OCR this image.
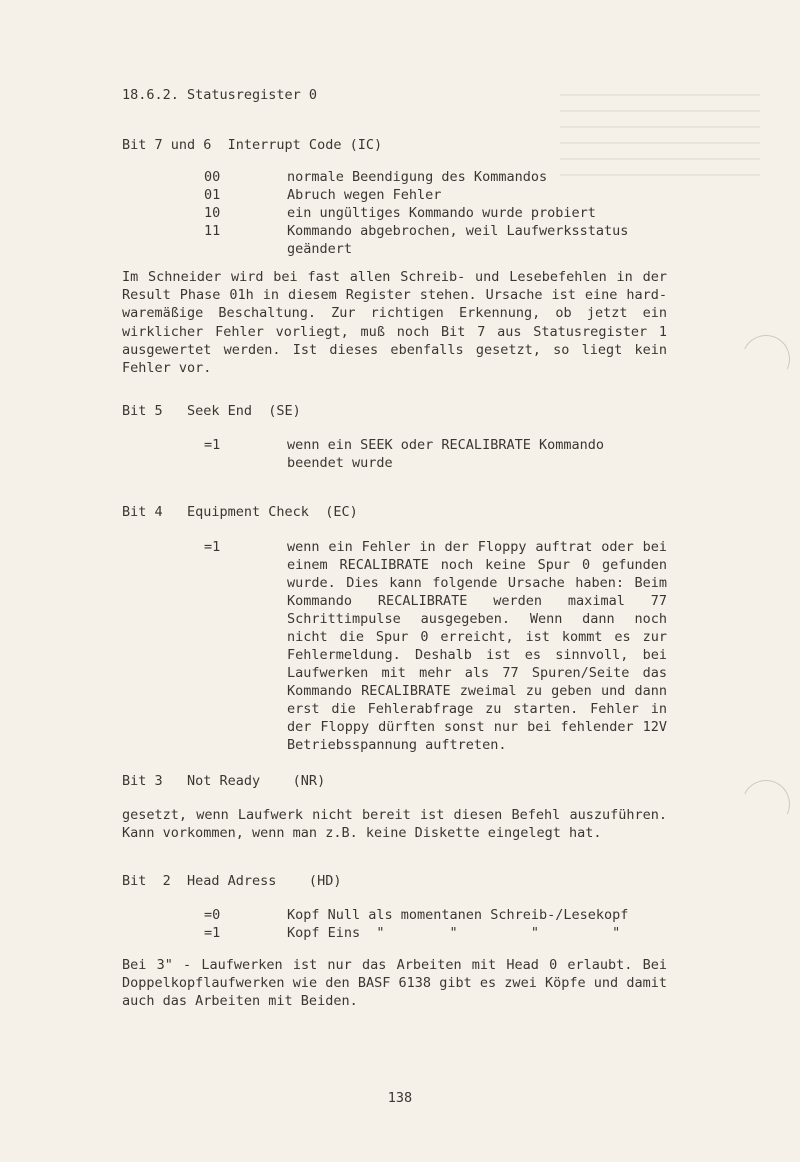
18.6.2. Statusregister 0
Bit 7 und 6  Interrupt Code (IC)
00	normale Beendigung des Kommandos
01	Abruch wegen Fehler
10	ein ungültiges Kommando wurde probiert
11	Kommando abgebrochen, weil Laufwerksstatus geändert
Im Schneider wird bei fast allen Schreib- und Lesebefehlen in der Result Phase 01h in diesem Register stehen. Ursache ist eine hard- waremäßige Beschaltung. Zur richtigen Erkennung, ob jetzt ein wirklicher Fehler vorliegt, muß noch Bit 7 aus Statusregister 1 ausgewertet werden. Ist dieses ebenfalls gesetzt, so liegt kein Fehler vor.
Bit 5   Seek End  (SE)
=1	wenn ein SEEK oder RECALIBRATE Kommando beendet wurde
Bit 4   Equipment Check  (EC)
=1	wenn ein Fehler in der Floppy auftrat oder bei einem RECALIBRATE noch keine Spur 0 gefunden wurde. Dies kann folgende Ursache haben: Beim Kommando RECALIBRATE werden maximal 77 Schrittimpulse ausgegeben. Wenn dann noch nicht die Spur 0 erreicht, ist kommt es zur Fehlermeldung. Deshalb ist es sinnvoll, bei Laufwerken mit mehr als 77 Spuren/Seite das Kommando RECALIBRATE zweimal zu geben und dann erst die Fehlerabfrage zu starten. Fehler in der Floppy dürften sonst nur bei fehlender 12V Betriebsspannung auftreten.
Bit 3   Not Ready    (NR)
gesetzt, wenn Laufwerk nicht bereit ist diesen Befehl auszuführen. Kann vorkommen, wenn man z.B. keine Diskette eingelegt hat.
Bit  2  Head Adress    (HD)
=0	Kopf Null als momentanen Schreib-/Lesekopf
=1	Kopf Eins  "        "         "         "
Bei 3" - Laufwerken ist nur das Arbeiten mit Head 0 erlaubt. Bei Doppelkopflaufwerken wie den BASF 6138 gibt es zwei Köpfe und damit auch das Arbeiten mit Beiden.
138
